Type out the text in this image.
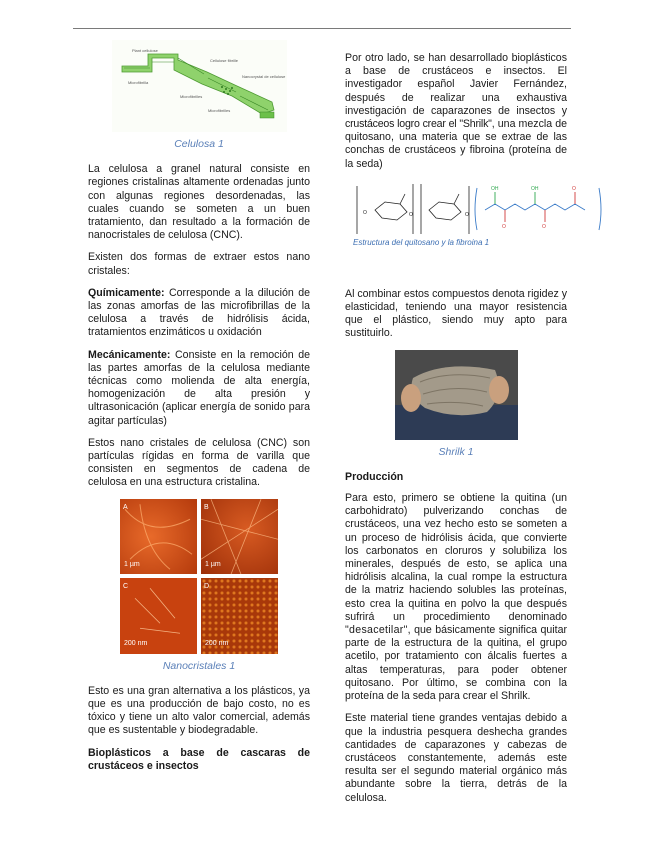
Plant cellulose
Microfibrilla
Cellulose fibrille
Nanocrystal de cellulose
Microfibrilles
Microfibrilles
Celulosa 1

La celulosa a granel natural consiste en regiones cristalinas altamente ordenadas junto con algunas regiones desordenadas, las cuales cuando se someten a un buen tratamiento, dan resultado a la formación de nanocristales de celulosa (CNC).

Existen dos formas de extraer estos nano cristales:

Químicamente: Corresponde a la dilución de las zonas amorfas de las microfibrillas de la celulosa a través de hidrólisis ácida, tratamientos enzimáticos u oxidación

Mecánicamente: Consiste en la remoción de las partes amorfas de la celulosa mediante técnicas como molienda de alta energía, homogenización de alta presión y ultrasonicación (aplicar energía de sonido para agitar partículas)

Estos nano cristales de celulosa (CNC) son partículas rígidas en forma de varilla que consisten en segmentos de cadena de celulosa en una estructura cristalina.

A
1 µm
B
1 µm
C
200 nm
D
200 nm
Nanocristales 1

Esto es una gran alternativa a los plásticos, ya que es una producción de bajo costo, no es tóxico y tiene un alto valor comercial, además que es sustentable y biodegradable.

Bioplásticos a base de cascaras de crustáceos e insectos

Por otro lado, se han desarrollado bioplásticos a base de crustáceos e insectos. El investigador español Javier Fernández, después de realizar una exhaustiva investigación de caparazones de insectos y crustáceos logro crear el "Shrilk", una mezcla de quitosano, una materia que se extrae de las conchas de crustáceos y fibroina (proteína de la seda)

O	O	O
O	O
O
OH	OH
Estructura del quitosano y la fibroina 1

Al combinar estos compuestos denota rigidez y elasticidad, teniendo una mayor resistencia que el plástico, siendo muy apto para sustituirlo.

Shrilk 1

Producción

Para esto, primero se obtiene la quitina (un carbohidrato) pulverizando conchas de crustáceos, una vez hecho esto se someten a un proceso de hidrólisis ácida, que convierte los carbonatos en cloruros y solubiliza los minerales, después de esto, se aplica una hidrólisis alcalina, la cual rompe la estructura de la matriz haciendo solubles las proteínas, esto crea la quitina en polvo la que después sufrirá un procedimiento denominado "desacetilar", que básicamente significa quitar parte de la estructura de la quitina, el grupo acetilo, por tratamiento con álcalis fuertes a altas temperaturas, para poder obtener quitosano. Por último, se combina con la proteína de la seda para crear el Shrilk.

Este material tiene grandes ventajas debido a que la industria pesquera deshecha grandes cantidades de caparazones y cabezas de crustáceos constantemente, además este resulta ser el segundo material orgánico más abundante sobre la tierra, detrás de la celulosa.
